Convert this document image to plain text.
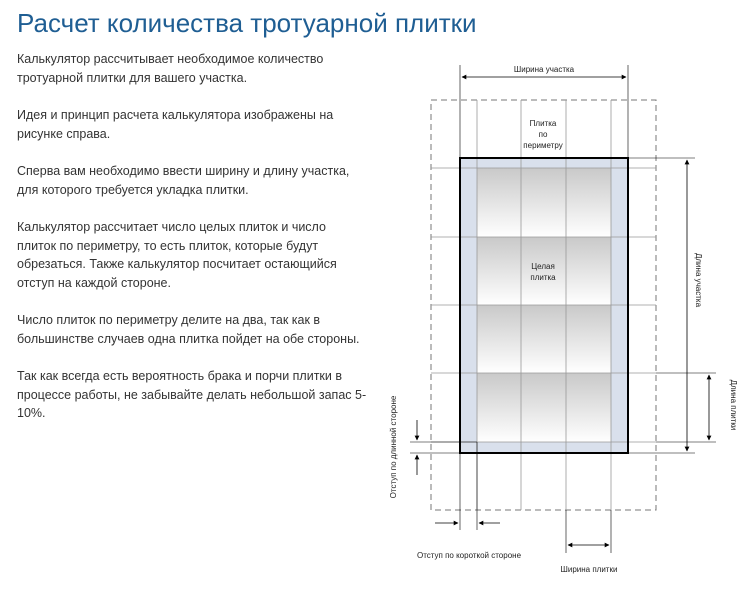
Расчет количества тротуарной плитки

Калькулятор рассчитывает необходимое количество тротуарной плитки для вашего участка.

Идея и принцип расчета калькулятора изображены на рисунке справа.

Сперва вам необходимо ввести ширину и длину участка, для которого требуется укладка плитки.

Калькулятор рассчитает число целых плиток и число плиток по периметру, то есть плиток, которые будут обрезаться. Также калькулятор посчитает остающийся отступ на каждой стороне.

Число плиток по периметру делите на два, так как в большинстве случаев одна плитка пойдет на обе стороны.

Так как всегда есть вероятность брака и порчи плитки в процессе работы, не забывайте делать небольшой запас 5-10%.

Ширина участка
Плитка
по
периметру
Целая
плитка	Длина участка
Длина плитки
Отступ по длинной стороне
Отступ по короткой стороне
Ширина плитки
